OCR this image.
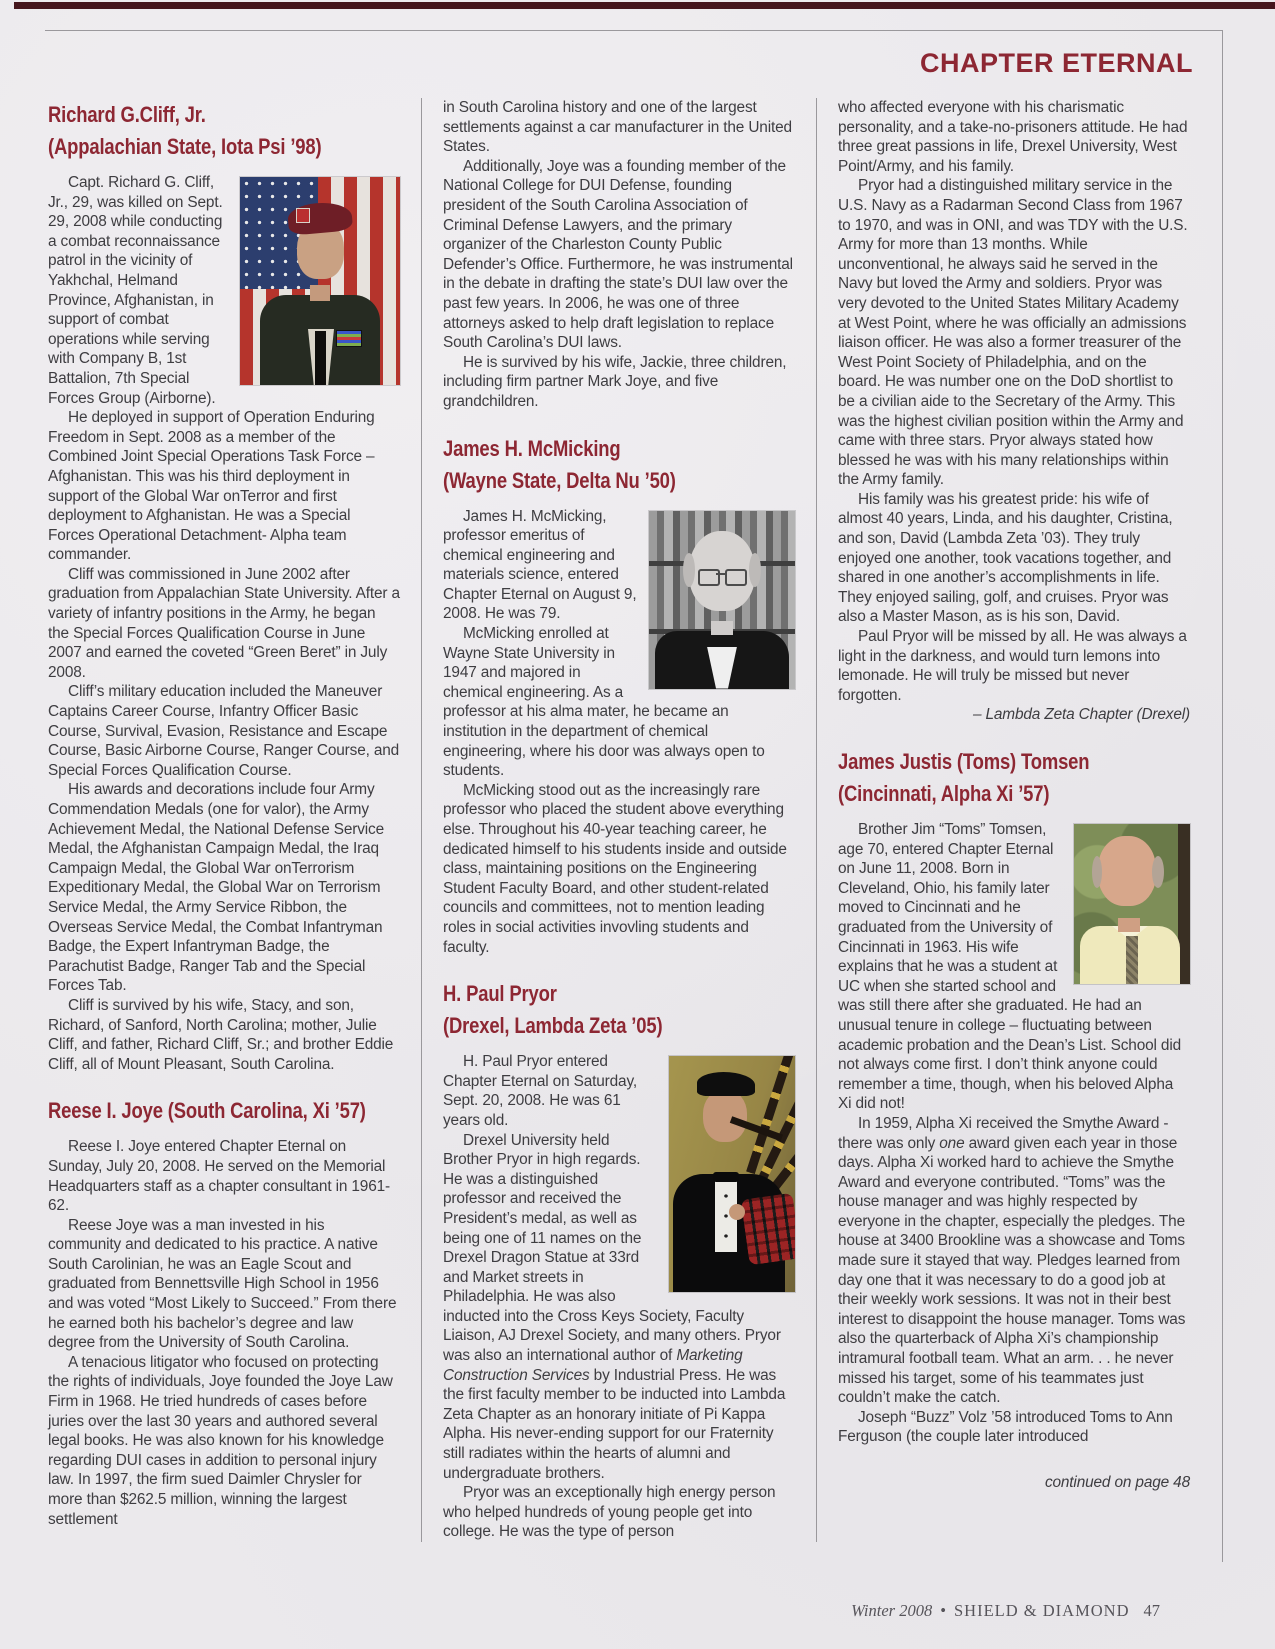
CHAPTER ETERNAL
Richard G.Cliff, Jr.
(Appalachian State, Iota Psi ’98)

Capt. Richard G. Cliff, Jr., 29, was killed on Sept. 29, 2008 while conducting a combat reconnaissance patrol in the vicinity of Yakhchal, Helmand Province, Afghanistan, in support of combat operations while serving with Company B, 1st Battalion, 7th Special Forces Group (Airborne).

He deployed in support of Operation Enduring Freedom in Sept. 2008 as a member of the Combined Joint Special Operations Task Force – Afghanistan. This was his third deployment in support of the Global War onTerror and first deployment to Afghanistan. He was a Special Forces Operational Detachment- Alpha team commander.

Cliff was commissioned in June 2002 after graduation from Appalachian State University. After a variety of infantry positions in the Army, he began the Special Forces Qualification Course in June 2007 and earned the coveted “Green Beret” in July 2008.

Cliff’s military education included the Maneuver Captains Career Course, Infantry Officer Basic Course, Survival, Evasion, Resistance and Escape Course, Basic Airborne Course, Ranger Course, and Special Forces Qualification Course.

His awards and decorations include four Army Commendation Medals (one for valor), the Army Achievement Medal, the National Defense Service Medal, the Afghanistan Campaign Medal, the Iraq Campaign Medal, the Global War onTerrorism Expeditionary Medal, the Global War on Terrorism Service Medal, the Army Service Ribbon, the Overseas Service Medal, the Combat Infantryman Badge, the Expert Infantryman Badge, the Parachutist Badge, Ranger Tab and the Special Forces Tab.

Cliff is survived by his wife, Stacy, and son, Richard, of Sanford, North Carolina; mother, Julie Cliff, and father, Richard Cliff, Sr.; and brother Eddie Cliff, all of Mount Pleasant, South Carolina.

Reese I. Joye (South Carolina, Xi ’57)

Reese I. Joye entered Chapter Eternal on Sunday, July 20, 2008. He served on the Memorial Headquarters staff as a chapter consultant in 1961-62.

Reese Joye was a man invested in his community and dedicated to his practice. A native South Carolinian, he was an Eagle Scout and graduated from Bennettsville High School in 1956 and was voted “Most Likely to Succeed.” From there he earned both his bachelor’s degree and law degree from the University of South Carolina.

A tenacious litigator who focused on protecting the rights of individuals, Joye founded the Joye Law Firm in 1968. He tried hundreds of cases before juries over the last 30 years and authored several legal books. He was also known for his knowledge regarding DUI cases in addition to personal injury law. In 1997, the firm sued Daimler Chrysler for more than $262.5 million, winning the largest settlement

in South Carolina history and one of the largest settlements against a car manufacturer in the United States.

Additionally, Joye was a founding member of the National College for DUI Defense, founding president of the South Carolina Association of Criminal Defense Lawyers, and the primary organizer of the Charleston County Public Defender’s Office. Furthermore, he was instrumental in the debate in drafting the state’s DUI law over the past few years. In 2006, he was one of three attorneys asked to help draft legislation to replace South Carolina’s DUI laws.

He is survived by his wife, Jackie, three children, including firm partner Mark Joye, and five grandchildren.

James H. McMicking
(Wayne State, Delta Nu ’50)

James H. McMicking, professor emeritus of chemical engineering and materials science, entered Chapter Eternal on August 9, 2008. He was 79.

McMicking enrolled at Wayne State University in 1947 and majored in chemical engineering. As a professor at his alma mater, he became an institution in the department of chemical engineering, where his door was always open to students.

McMicking stood out as the increasingly rare professor who placed the student above everything else. Throughout his 40-year teaching career, he dedicated himself to his students inside and outside class, maintaining positions on the Engineering Student Faculty Board, and other student-related councils and committees, not to mention leading roles in social activities invovling students and faculty.

H. Paul Pryor
(Drexel, Lambda Zeta ’05)

H. Paul Pryor entered Chapter Eternal on Saturday, Sept. 20, 2008. He was 61 years old.

Drexel University held Brother Pryor in high regards. He was a distinguished professor and received the President’s medal, as well as being one of 11 names on the Drexel Dragon Statue at 33rd and Market streets in Philadelphia. He was also inducted into the Cross Keys Society, Faculty Liaison, AJ Drexel Society, and many others. Pryor was also an international author of Marketing Construction Services by Industrial Press. He was the first faculty member to be inducted into Lambda Zeta Chapter as an honorary initiate of Pi Kappa Alpha. His never-ending support for our Fraternity still radiates within the hearts of alumni and undergraduate brothers.

Pryor was an exceptionally high energy person who helped hundreds of young people get into college. He was the type of person

who affected everyone with his charismatic personality, and a take-no-prisoners attitude. He had three great passions in life, Drexel University, West Point/Army, and his family.

Pryor had a distinguished military service in the U.S. Navy as a Radarman Second Class from 1967 to 1970, and was in ONI, and was TDY with the U.S. Army for more than 13 months. While unconventional, he always said he served in the Navy but loved the Army and soldiers. Pryor was very devoted to the United States Military Academy at West Point, where he was officially an admissions liaison officer. He was also a former treasurer of the West Point Society of Philadelphia, and on the board. He was number one on the DoD shortlist to be a civilian aide to the Secretary of the Army. This was the highest civilian position within the Army and came with three stars. Pryor always stated how blessed he was with his many relationships within the Army family.

His family was his greatest pride: his wife of almost 40 years, Linda, and his daughter, Cristina, and son, David (Lambda Zeta ’03). They truly enjoyed one another, took vacations together, and shared in one another’s accomplishments in life. They enjoyed sailing, golf, and cruises. Pryor was also a Master Mason, as is his son, David.

Paul Pryor will be missed by all. He was always a light in the darkness, and would turn lemons into lemonade. He will truly be missed but never forgotten.

– Lambda Zeta Chapter (Drexel)

James Justis (Toms) Tomsen
(Cincinnati, Alpha Xi ’57)

Brother Jim “Toms” Tomsen, age 70, entered Chapter Eternal on June 11, 2008. Born in Cleveland, Ohio, his family later moved to Cincinnati and he graduated from the University of Cincinnati in 1963. His wife explains that he was a student at UC when she started school and was still there after she graduated. He had an unusual tenure in college – fluctuating between academic probation and the Dean’s List. School did not always come first. I don’t think anyone could remember a time, though, when his beloved Alpha Xi did not!

In 1959, Alpha Xi received the Smythe Award - there was only one award given each year in those days. Alpha Xi worked hard to achieve the Smythe Award and everyone contributed. “Toms” was the house manager and was highly respected by everyone in the chapter, especially the pledges. The house at 3400 Brookline was a showcase and Toms made sure it stayed that way. Pledges learned from day one that it was necessary to do a good job at their weekly work sessions. It was not in their best interest to disappoint the house manager. Toms was also the quarterback of Alpha Xi’s championship intramural football team. What an arm. . . he never missed his target, some of his teammates just couldn’t make the catch.

Joseph “Buzz” Volz ’58 introduced Toms to Ann Ferguson (the couple later introduced

continued on page 48
Winter 2008 • SHIELD & DIAMOND 47
